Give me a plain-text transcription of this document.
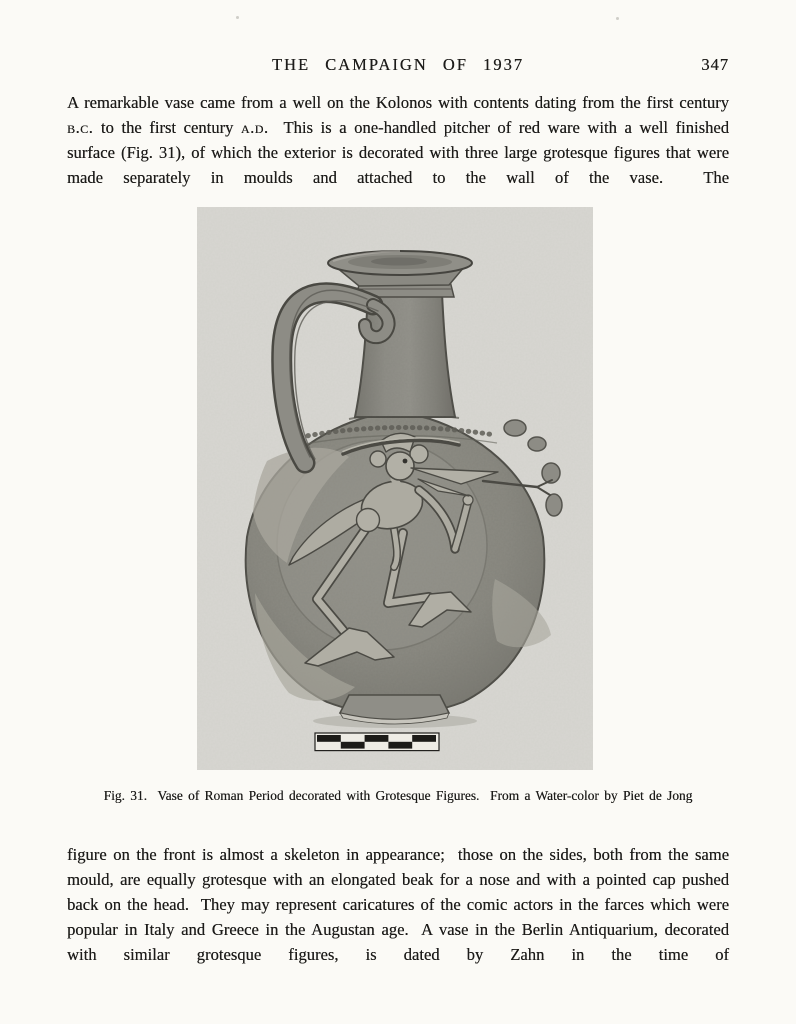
THE CAMPAIGN OF 1937	347

A remarkable vase came from a well on the Kolonos with contents dating from the first century b.c. to the first century a.d.  This is a one-handled pitcher of red ware with a well finished surface (Fig. 31), of which the exterior is decorated with three large grotesque figures that were made separately in moulds and attached to the wall of the vase.  The

Fig. 31.  Vase of Roman Period decorated with Grotesque Figures.  From a Water-color by Piet de Jong

figure on the front is almost a skeleton in appearance;  those on the sides, both from the same mould, are equally grotesque with an elongated beak for a nose and with a pointed cap pushed back on the head.  They may represent caricatures of the comic actors in the farces which were popular in Italy and Greece in the Augustan age.  A vase in the Berlin Antiquarium, decorated with similar grotesque figures, is dated by Zahn in the time of
